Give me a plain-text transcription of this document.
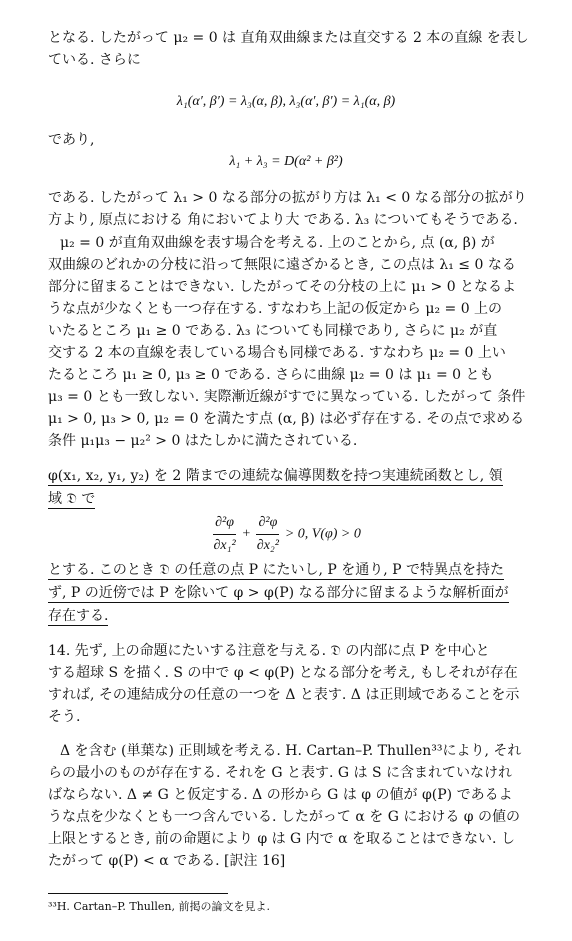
となる. したがって μ₂ = 0 は 直角双曲線または直交する 2 本の直線 を表し
ている. さらに
λ₁(α′, β′) = λ₃(α, β), λ₃(α′, β′) = λ₁(α, β)
であり,
λ₁ + λ₃ = D(α² + β²)
である. したがって λ₁ > 0 なる部分の拡がり方は λ₁ < 0 なる部分の拡がり
方より, 原点における 角においてより大 である. λ₃ についてもそうである.
μ₂ = 0 が直角双曲線を表す場合を考える. 上のことから, 点 (α, β) が
双曲線のどれかの分枝に沿って無限に遠ざかるとき, この点は λ₁ ≤ 0 なる
部分に留まることはできない. したがってその分枝の上に μ₁ > 0 となるよ
うな点が少なくとも一つ存在する. すなわち上記の仮定から μ₂ = 0 上の
いたるところ μ₁ ≥ 0 である. λ₃ についても同様であり, さらに μ₂ が直
交する 2 本の直線を表している場合も同様である. すなわち μ₂ = 0 上い
たるところ μ₁ ≥ 0, μ₃ ≥ 0 である. さらに曲線 μ₂ = 0 は μ₁ = 0 とも
μ₃ = 0 とも一致しない. 実際漸近線がすでに異なっている. したがって 条件
μ₁ > 0, μ₃ > 0, μ₂ = 0 を満たす点 (α, β) は必ず存在する. その点で求める
条件 μ₁μ₃ − μ₂² > 0 はたしかに満たされている.
φ(x₁, x₂, y₁, y₂) を 2 階までの連続な偏導関数を持つ実連続函数とし, 領
域 𝔇 で
$\frac{\text{∂²φ}}{\text{∂x₁²}} + \frac{\text{∂²φ}}{\text{∂x₂²}} > 0$, V(φ) > 0
とする. このとき 𝔇 の任意の点 P にたいし, P を通り, P で特異点を持た
ず, P の近傍では P を除いて φ > φ(P) なる部分に留まるような解析面が
存在する.
14. 先ず, 上の命題にたいする注意を与える. 𝔇 の内部に点 P を中心と
する超球 S を描く. S の中で φ < φ(P) となる部分を考え, もしそれが存在
すれば, その連結成分の任意の一つを Δ と表す. Δ は正則域であることを示
そう.
Δ を含む (単葉な) 正則域を考える. H. Cartan–P. Thullen³³により, それ
らの最小のものが存在する. それを G と表す. G は S に含まれていなけれ
ばならない. Δ ≠ G と仮定する. Δ の形から G は φ の値が φ(P) であるよ
うな点を少なくとも一つ含んでいる. したがって α を G における φ の値の
上限とするとき, 前の命題により φ は G 内で α を取ることはできない. し
たがって φ(P) < α である. [訳注 16]
³³H. Cartan–P. Thullen, 前掲の論文を見よ.
